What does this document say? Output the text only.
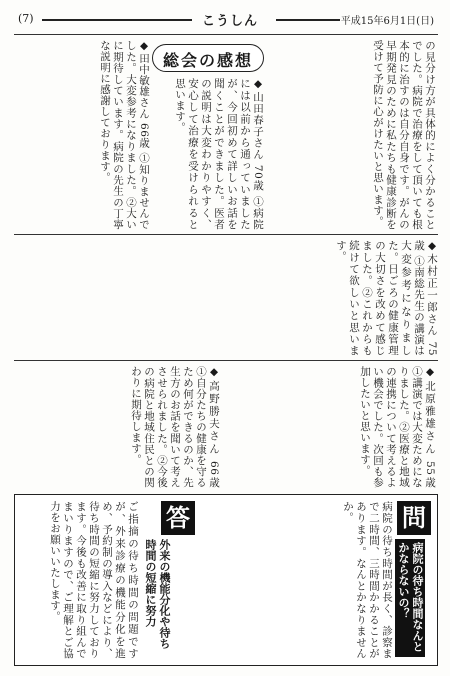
(7)	こうしん	平成15年6月1日(日)
の見分け方が具体的によく分かることでした。病院で治療をして頂いても根本的に治すのは自分自身です。がんの早期発見のために私たちも健康診断を受けて予防に心がけたいと思います。
総会の感想
◆田中敏雄さん 66歳 ①知りませんでした。大変参考になりました。②大いに期待しています。病院の先生の丁寧な説明に感謝しております。	◆山田春子さん 70歳 ①病院には以前から通っていましたが、今回初めて詳しいお話を聞くことができました。医者の説明は大変わかりやすく、安心して治療を受けられると思います。
◆木村正一郎さん 75歳 ①南総先生の講演は大変参考になりました。日ごろの健康管理の大切さを改めて感じました。②これからも続けて欲しいと思います。
◆北原雅雄さん 55歳 ①講演では大変ためになりました。②医療と地域の連携について考えるよい機会でした。次回も参加したいと思います。
◆高野勝夫さん 66歳 ①自分たちの健康を守るため何ができるのか、先生方のお話を聞いて考えさせられました。②今後の病院と地域住民との関わりに期待します。
問
病院の待ち時間なんとかならないの？
病院の待ち時間が長く、診察まで二時間、三時間かかることがあります。なんとかなりませんか。
答
外来の機能分化や待ち時間の短縮に努力
ご指摘の待ち時間の問題ですが、外来診療の機能分化を進め、予約制の導入などにより、待ち時間の短縮に努力しております。今後も改善に取り組んでまいりますので、ご理解とご協力をお願いいたします。
